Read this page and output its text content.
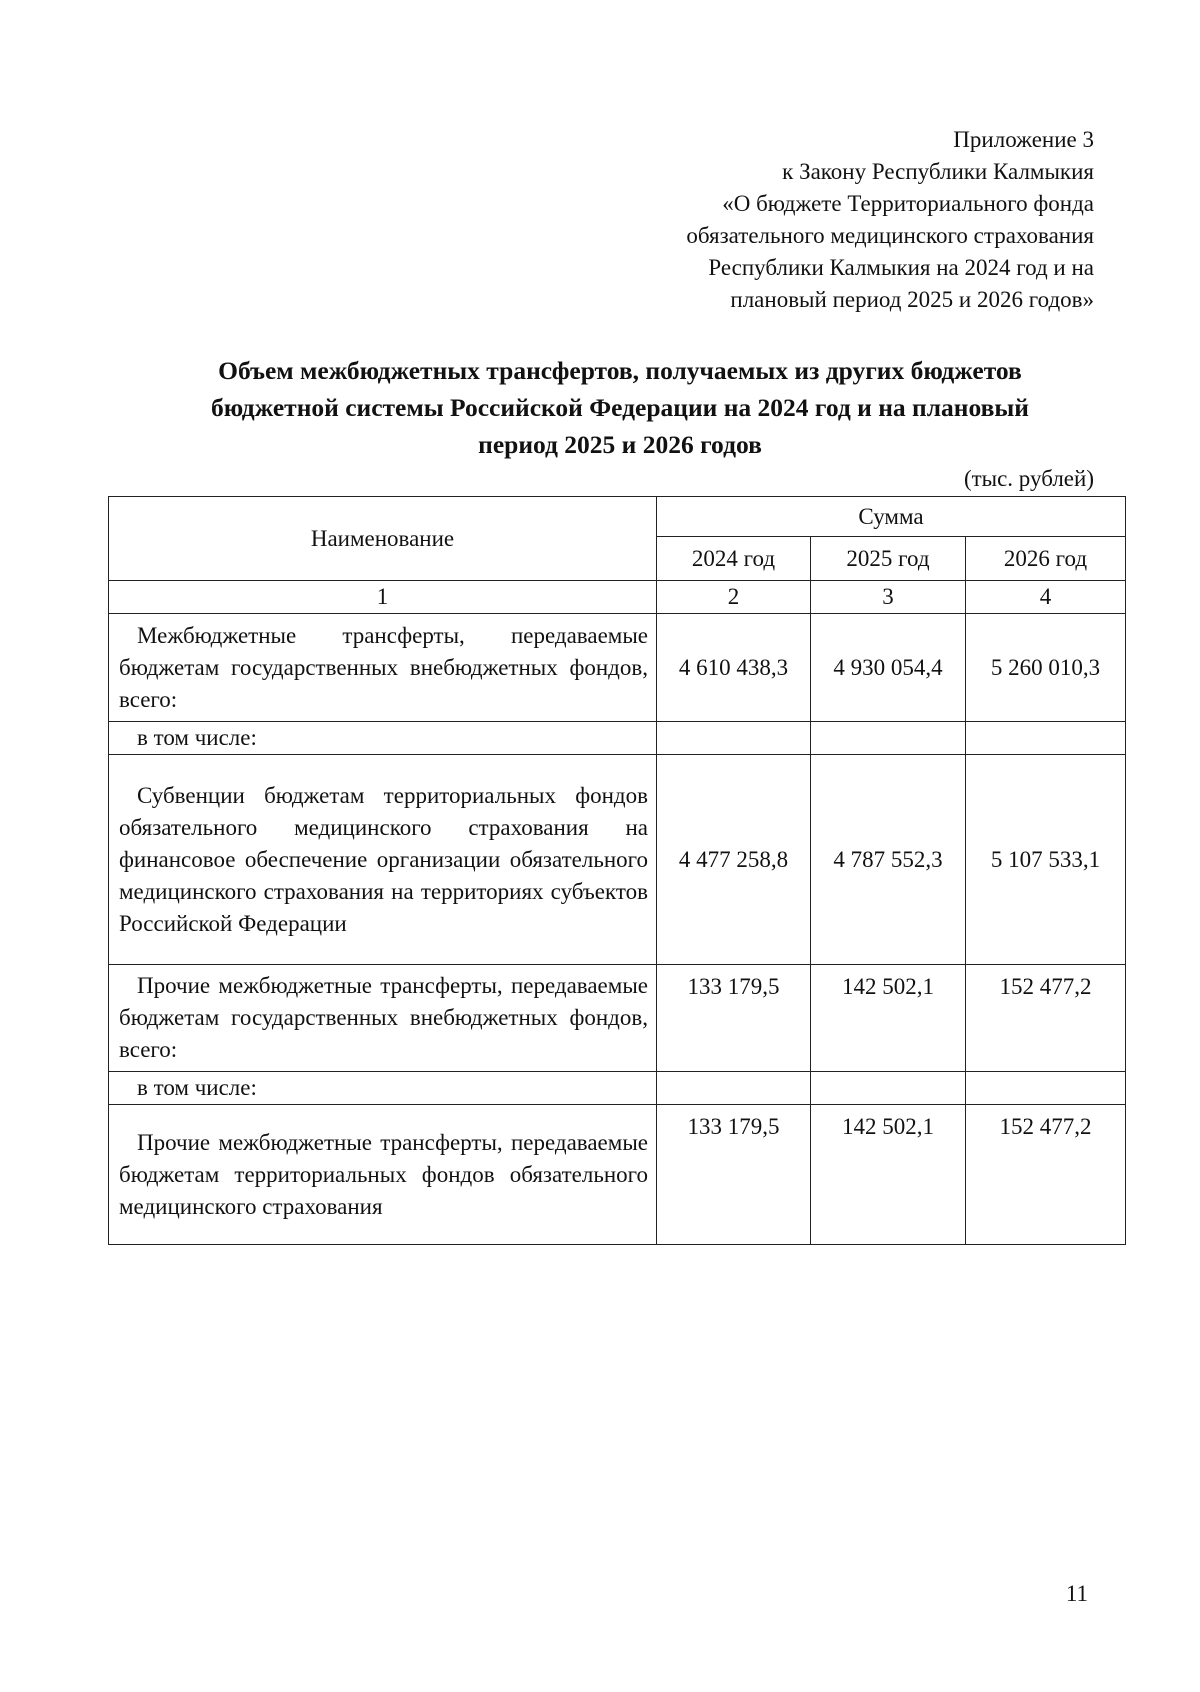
Приложение 3
к Закону Республики Калмыкия
«О бюджете Территориального фонда
обязательного медицинского страхования
Республики Калмыкия на 2024 год и на
плановый период 2025 и 2026 годов»
Объем межбюджетных трансфертов, получаемых из других бюджетов
бюджетной системы Российской Федерации на 2024 год и на плановый
период 2025 и 2026 годов
(тыс. рублей)
Наименование	Сумма		
	2024 год	2025 год	2026 год
1	2	3	4

Межбюджетные трансферты, передаваемые бюджетам государственных внебюджетных фондов, всего:	4 610 438,3	4 930 054,4	5 260 010,3
в том числе:			

Субвенции бюджетам территориальных фондов обязательного медицинского страхования на финансовое обеспечение организации обязательного медицинского страхования на территориях субъектов Российской Федерации	4 477 258,8	4 787 552,3	5 107 533,1

Прочие межбюджетные трансферты, передаваемые бюджетам государственных внебюджетных фондов, всего:	133 179,5	142 502,1	152 477,2
в том числе:			

Прочие межбюджетные трансферты, передаваемые бюджетам территориальных фондов обязательного медицинского страхования	133 179,5	142 502,1	152 477,2
11
